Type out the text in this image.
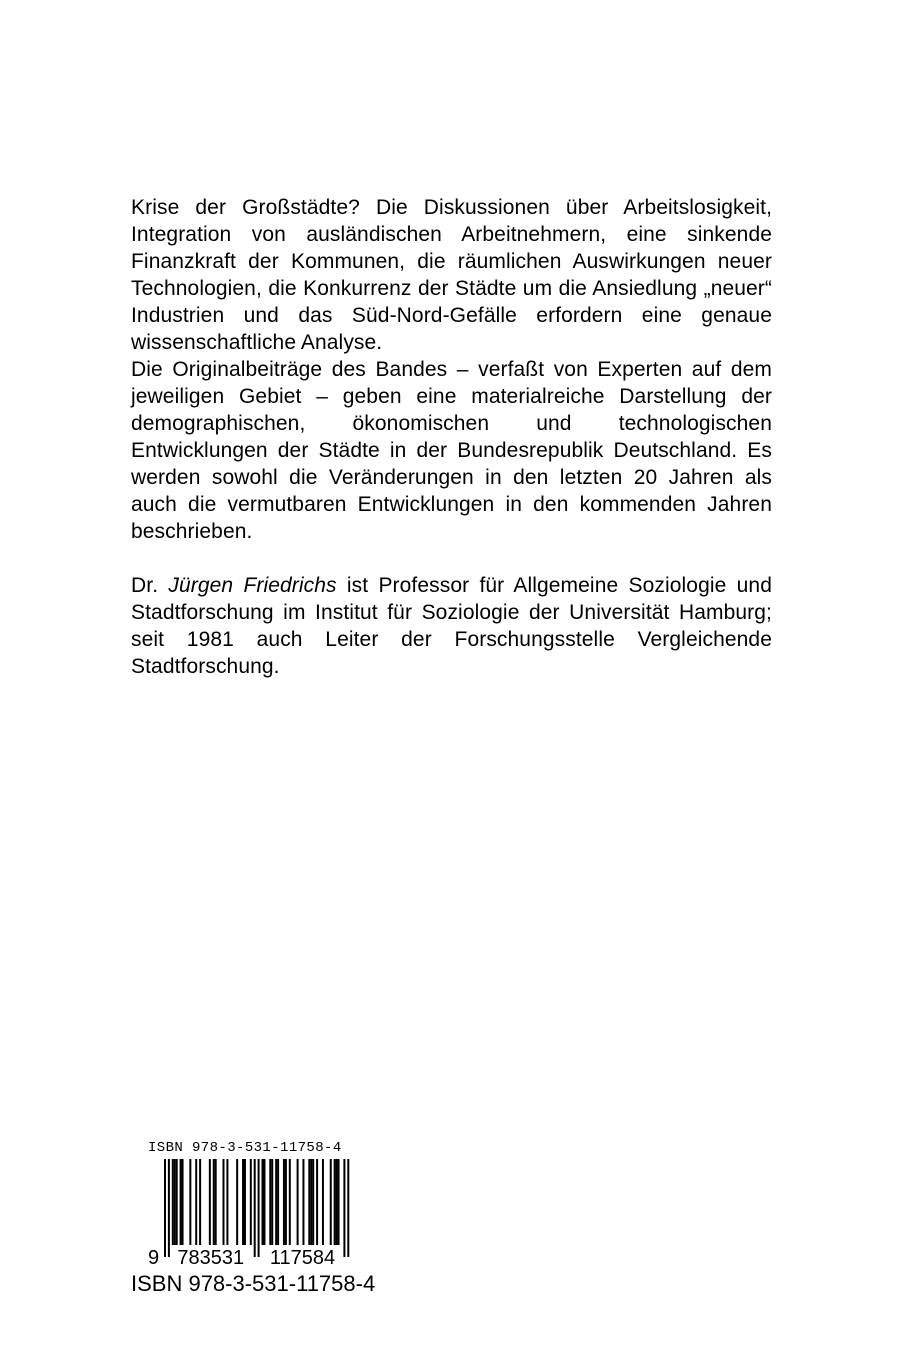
Krise der Großstädte? Die Diskussionen über Arbeitslosigkeit, Integration von ausländischen Arbeitnehmern, eine sinkende Finanzkraft der Kommunen, die räumlichen Auswirkungen neuer Technologien, die Konkurrenz der Städte um die Ansiedlung „neuer“ Industrien und das Süd-Nord-Gefälle erfordern eine genaue wissenschaftliche Analyse.

Die Originalbeiträge des Bandes – verfaßt von Experten auf dem jeweiligen Gebiet – geben eine materialreiche Darstellung der demographischen, ökonomischen und technologischen Entwicklungen der Städte in der Bundesrepublik Deutschland. Es werden sowohl die Veränderungen in den letzten 20 Jahren als auch die vermutbaren Entwicklungen in den kommenden Jahren beschrieben.

Dr. Jürgen Friedrichs ist Professor für Allgemeine Soziologie und Stadtforschung im Institut für Soziologie der Universität Hamburg; seit 1981 auch Leiter der Forschungsstelle Vergleichende Stadtforschung.

ISBN 978-3-531-11758-4
9 783531 117584
ISBN 978-3-531-11758-4
